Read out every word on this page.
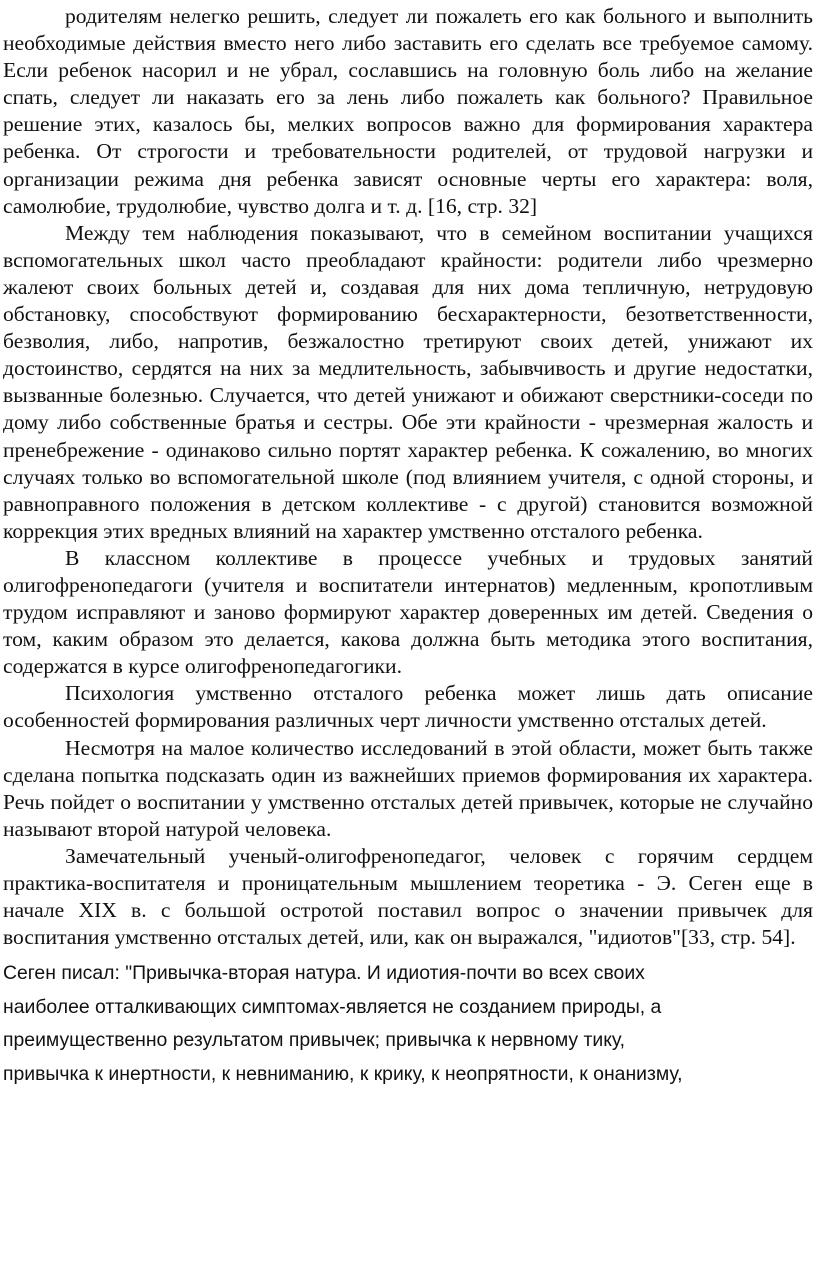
родителям нелегко решить, следует ли пожалеть его как больного и выполнить необходимые действия вместо него либо заставить его сделать все требуемое самому. Если ребенок насорил и не убрал, сославшись на головную боль либо на желание спать, следует ли наказать его за лень либо пожалеть как больного? Правильное решение этих, казалось бы, мелких вопросов важно для формирования характера ребенка. От строгости и требовательности родителей, от трудовой нагрузки и организации режима дня ребенка зависят основные черты его характера: воля, самолюбие, трудолюбие, чувство долга и т. д. [16, стр. 32]

Между тем наблюдения показывают, что в семейном воспитании учащихся вспомогательных школ часто преобладают крайности: родители либо чрезмерно жалеют своих больных детей и, создавая для них дома тепличную, нетрудовую обстановку, способствуют формированию бесхарактерности, безответственности, безволия, либо, напротив, безжалостно третируют своих детей, унижают их достоинство, сердятся на них за медлительность, забывчивость и другие недостатки, вызванные болезнью. Случается, что детей унижают и обижают сверстники-соседи по дому либо собственные братья и сестры. Обе эти крайности - чрезмерная жалость и пренебрежение - одинаково сильно портят характер ребенка. К сожалению, во многих случаях только во вспомогательной школе (под влиянием учителя, с одной стороны, и равноправного положения в детском коллективе - с другой) становится возможной коррекция этих вредных влияний на характер умственно отсталого ребенка.

В классном коллективе в процессе учебных и трудовых занятий олигофренопедагоги (учителя и воспитатели интернатов) медленным, кропотливым трудом исправляют и заново формируют характер доверенных им детей. Сведения о том, каким образом это делается, какова должна быть методика этого воспитания, содержатся в курсе олигофренопедагогики.

Психология умственно отсталого ребенка может лишь дать описание особенностей формирования различных черт личности умственно отсталых детей.

Несмотря на малое количество исследований в этой области, может быть также сделана попытка подсказать один из важнейших приемов формирования их характера. Речь пойдет о воспитании у умственно отсталых детей привычек, которые не случайно называют второй натурой человека.

Замечательный ученый-олигофренопедагог, человек с горячим сердцем практика-воспитателя и проницательным мышлением теоретика - Э. Сеген еще в начале XIX в. с большой остротой поставил вопрос о значении привычек для воспитания умственно отсталых детей, или, как он выражался, "идиотов"[33, стр. 54].

Сеген писал: "Привычка-вторая натура. И идиотия-почти во всех своих
наиболее отталкивающих симптомах-является не созданием природы, а
преимущественно результатом привычек; привычка к нервному тику,
привычка к инертности, к невниманию, к крику, к неопрятности, к онанизму,
